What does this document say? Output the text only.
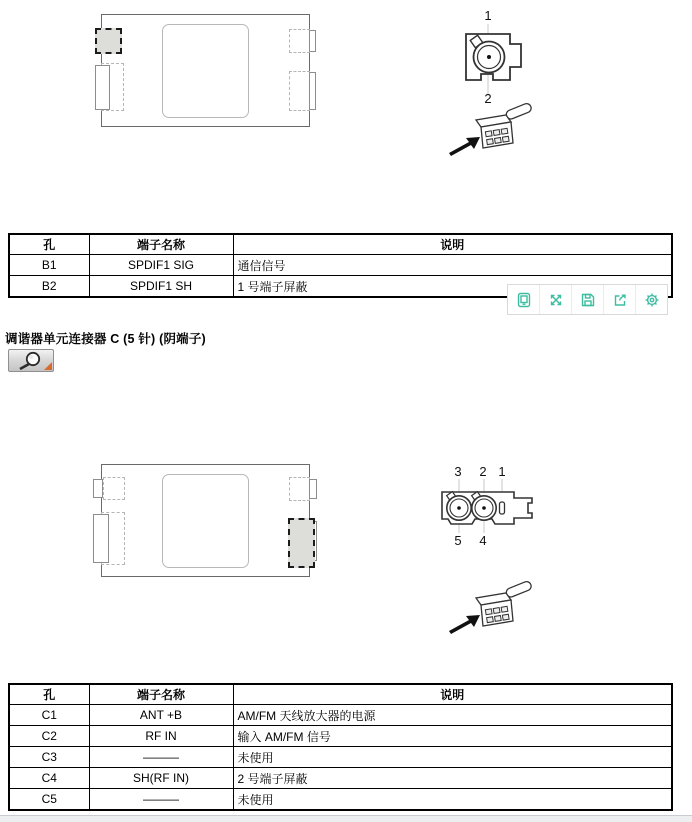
1
2
孔	端子名称	说明
B1	SPDIF1 SIG	通信信号
B2	SPDIF1 SH	1 号端子屏蔽
调谐器单元连接器 C (5 针) (阴端子)
3 2 1
5 4
孔	端子名称	说明
C1	ANT +B	AM/FM 天线放大器的电源
C2	RF IN	输入 AM/FM 信号
C3	———	未使用
C4	SH(RF IN)	2 号端子屏蔽
C5	———	未使用
